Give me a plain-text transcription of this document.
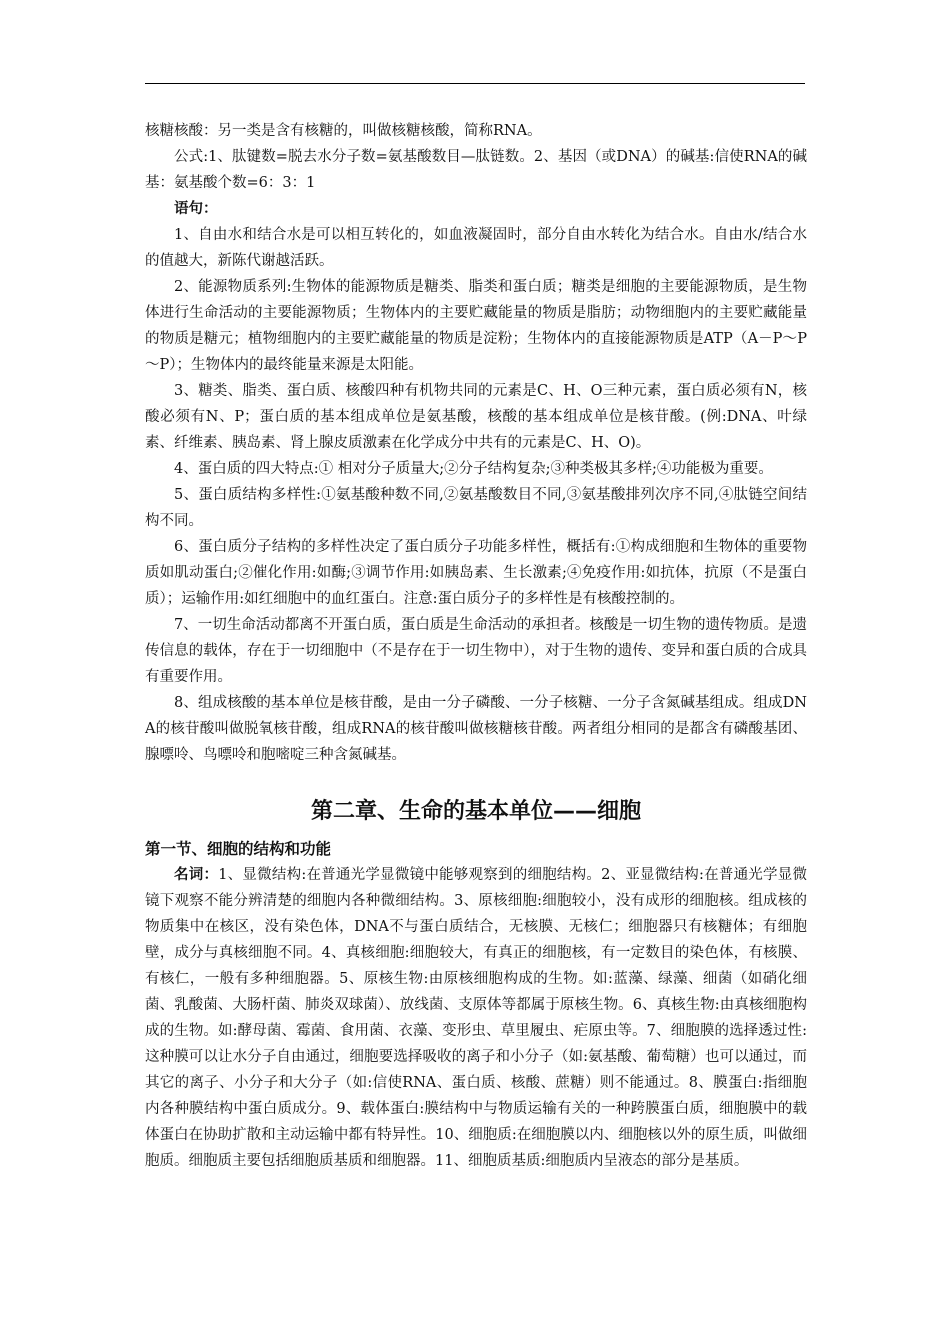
核糖核酸：另一类是含有核糖的，叫做核糖核酸，简称RNA。

公式:1、肽键数=脱去水分子数=氨基酸数目—肽链数。2、基因（或DNA）的碱基:信使RNA的碱基：氨基酸个数=6：3：1

语句：

1、自由水和结合水是可以相互转化的，如血液凝固时，部分自由水转化为结合水。自由水/结合水的值越大，新陈代谢越活跃。

2、能源物质系列:生物体的能源物质是糖类、脂类和蛋白质；糖类是细胞的主要能源物质，是生物体进行生命活动的主要能源物质；生物体内的主要贮藏能量的物质是脂肪；动物细胞内的主要贮藏能量的物质是糖元；植物细胞内的主要贮藏能量的物质是淀粉；生物体内的直接能源物质是ATP（A－P～P～P）；生物体内的最终能量来源是太阳能。

3、糖类、脂类、蛋白质、核酸四种有机物共同的元素是C、H、O三种元素，蛋白质必须有N，核酸必须有N、P；蛋白质的基本组成单位是氨基酸，核酸的基本组成单位是核苷酸。(例:DNA、叶绿素、纤维素、胰岛素、肾上腺皮质激素在化学成分中共有的元素是C、H、O)。

4、蛋白质的四大特点:① 相对分子质量大;②分子结构复杂;③种类极其多样;④功能极为重要。

5、蛋白质结构多样性:①氨基酸种数不同,②氨基酸数目不同,③氨基酸排列次序不同,④肽链空间结构不同。

6、蛋白质分子结构的多样性决定了蛋白质分子功能多样性，概括有:①构成细胞和生物体的重要物质如肌动蛋白;②催化作用:如酶;③调节作用:如胰岛素、生长激素;④免疫作用:如抗体，抗原（不是蛋白质）；运输作用:如红细胞中的血红蛋白。注意:蛋白质分子的多样性是有核酸控制的。

7、一切生命活动都离不开蛋白质，蛋白质是生命活动的承担者。核酸是一切生物的遗传物质。是遗传信息的载体，存在于一切细胞中（不是存在于一切生物中），对于生物的遗传、变异和蛋白质的合成具有重要作用。

8、组成核酸的基本单位是核苷酸，是由一分子磷酸、一分子核糖、一分子含氮碱基组成。组成DNA的核苷酸叫做脱氧核苷酸，组成RNA的核苷酸叫做核糖核苷酸。两者组分相同的是都含有磷酸基团、腺嘌呤、鸟嘌呤和胞嘧啶三种含氮碱基。

第二章、生命的基本单位——细胞
第一节、细胞的结构和功能

名词：1、显微结构:在普通光学显微镜中能够观察到的细胞结构。2、亚显微结构:在普通光学显微镜下观察不能分辨清楚的细胞内各种微细结构。3、原核细胞:细胞较小，没有成形的细胞核。组成核的物质集中在核区，没有染色体，DNA不与蛋白质结合，无核膜、无核仁；细胞器只有核糖体；有细胞壁，成分与真核细胞不同。4、真核细胞:细胞较大，有真正的细胞核，有一定数目的染色体，有核膜、有核仁，一般有多种细胞器。5、原核生物:由原核细胞构成的生物。如:蓝藻、绿藻、细菌（如硝化细菌、乳酸菌、大肠杆菌、肺炎双球菌）、放线菌、支原体等都属于原核生物。6、真核生物:由真核细胞构成的生物。如:酵母菌、霉菌、食用菌、衣藻、变形虫、草里履虫、疟原虫等。7、细胞膜的选择透过性:这种膜可以让水分子自由通过，细胞要选择吸收的离子和小分子（如:氨基酸、葡萄糖）也可以通过，而其它的离子、小分子和大分子（如:信使RNA、蛋白质、核酸、蔗糖）则不能通过。8、膜蛋白:指细胞内各种膜结构中蛋白质成分。9、载体蛋白:膜结构中与物质运输有关的一种跨膜蛋白质，细胞膜中的载体蛋白在协助扩散和主动运输中都有特异性。10、细胞质:在细胞膜以内、细胞核以外的原生质，叫做细胞质。细胞质主要包括细胞质基质和细胞器。11、细胞质基质:细胞质内呈液态的部分是基质。
